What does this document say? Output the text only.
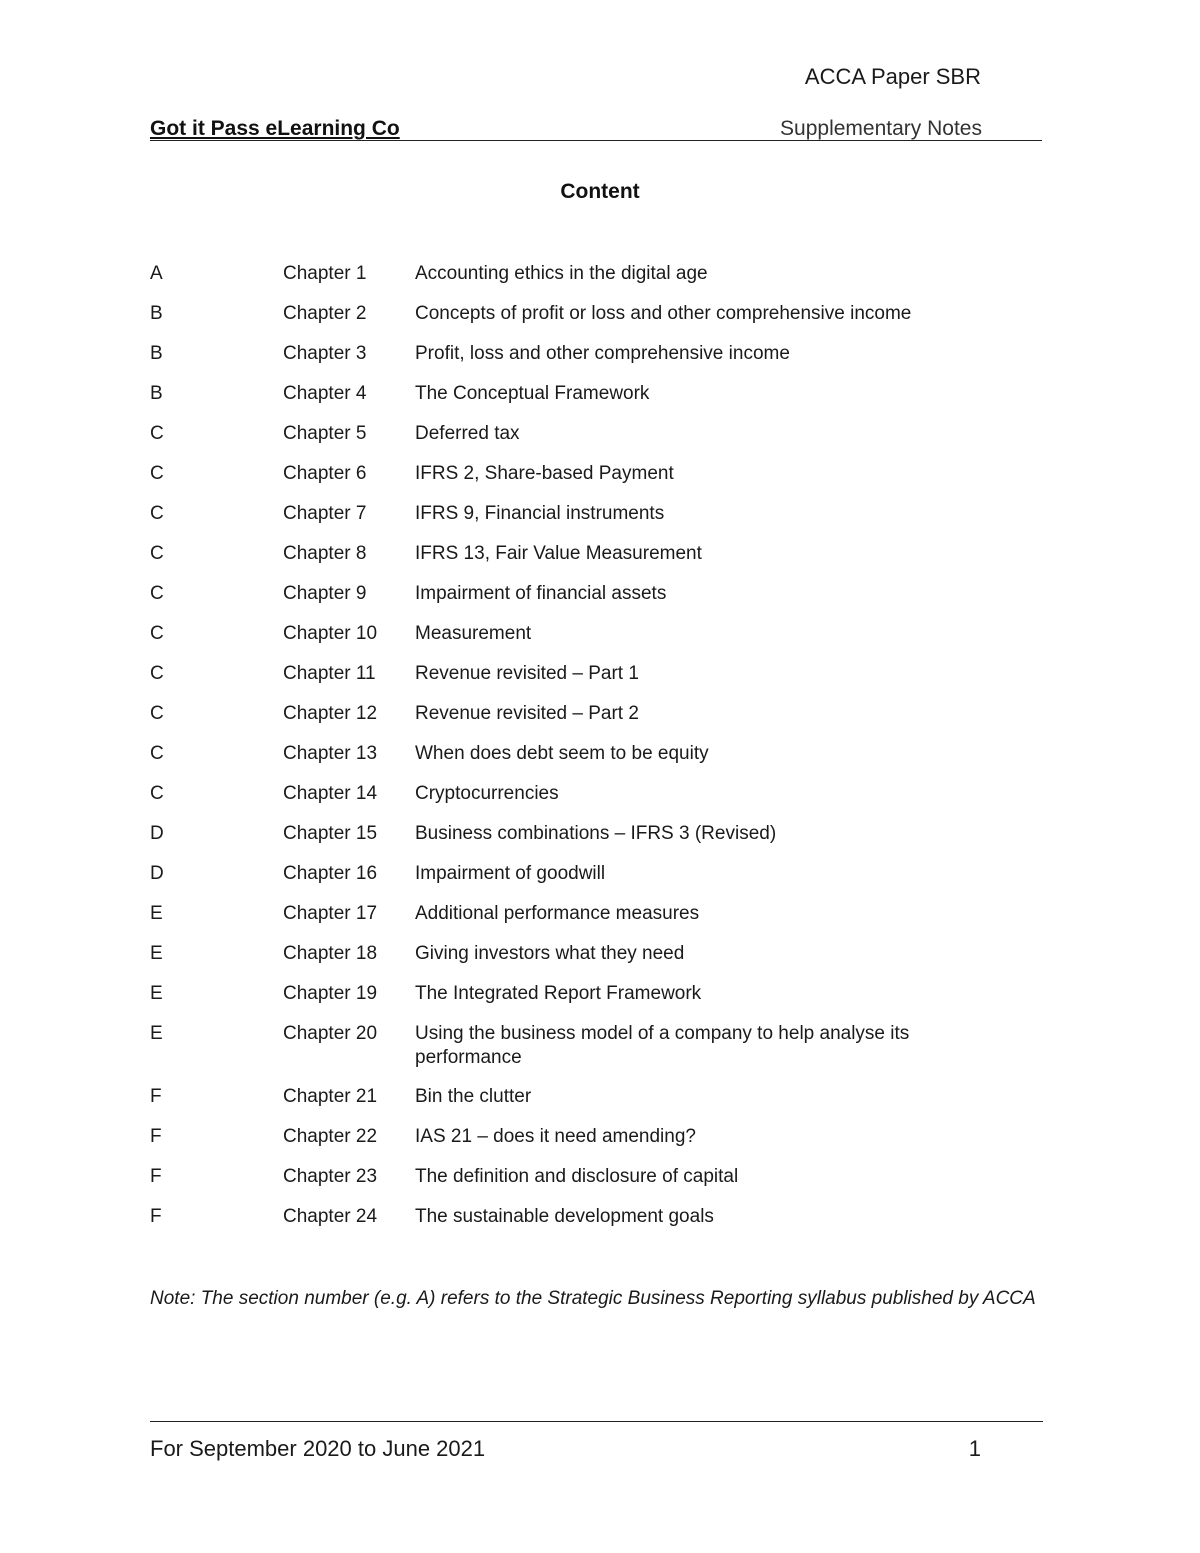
ACCA Paper SBR
Got it Pass eLearning Co	Supplementary Notes
Content
A	Chapter 1	Accounting ethics in the digital age
B	Chapter 2	Concepts of profit or loss and other comprehensive income
B	Chapter 3	Profit, loss and other comprehensive income
B	Chapter 4	The Conceptual Framework
C	Chapter 5	Deferred tax
C	Chapter 6	IFRS 2, Share-based Payment
C	Chapter 7	IFRS 9, Financial instruments
C	Chapter 8	IFRS 13, Fair Value Measurement
C	Chapter 9	Impairment of financial assets
C	Chapter 10 Measurement
C	Chapter 11 Revenue revisited – Part 1
C	Chapter 12 Revenue revisited – Part 2
C	Chapter 13 When does debt seem to be equity
C	Chapter 14 Cryptocurrencies
D	Chapter 15 Business combinations – IFRS 3 (Revised)
D	Chapter 16 Impairment of goodwill
E	Chapter 17 Additional performance measures
E	Chapter 18 Giving investors what they need
E	Chapter 19 The Integrated Report Framework
E	Chapter 20 Using the business model of a company to help analyse its performance
F	Chapter 21 Bin the clutter
F	Chapter 22 IAS 21 – does it need amending?
F	Chapter 23 The definition and disclosure of capital
F	Chapter 24 The sustainable development goals
Note: The section number (e.g. A) refers to the Strategic Business Reporting syllabus published by ACCA
For September 2020 to June 2021	1
